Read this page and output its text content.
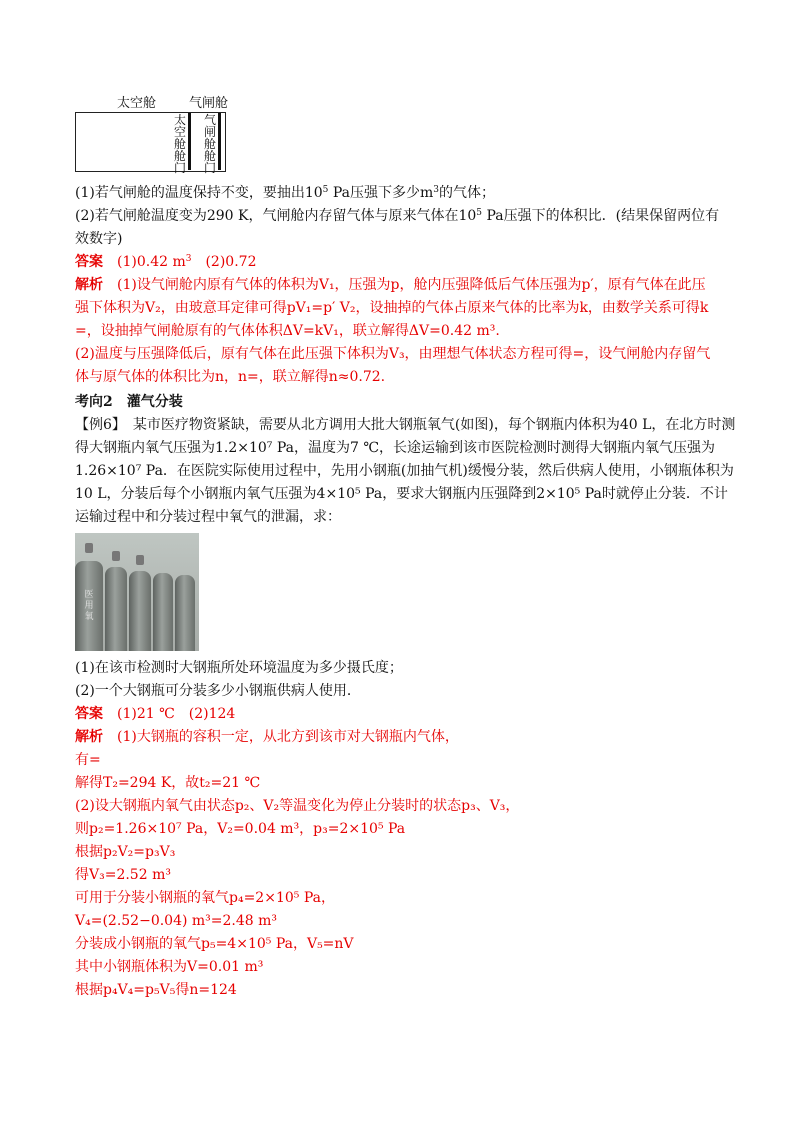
太空舱	气闸舱
太
空
舱
舱
门
气
闸
舱
舱
门
(1)若气闸舱的温度保持不变，要抽出$10^5$ Pa压强下多少$m^3$的气体；
(2)若气闸舱温度变为290 K，气闸舱内存留气体与原来气体在$10^5$ Pa压强下的体积比．(结果保留两位有
效数字)
答案　(1)0.42 $m^3$　(2)0.72
解析　(1)设气闸舱内原有气体的体积为V₁，压强为p，舱内压强降低后气体压强为p′，原有气体在此压
强下体积为V₂，由玻意耳定律可得pV₁=p′ V₂，设抽掉的气体占原来气体的比率为k，由数学关系可得k
=，设抽掉气闸舱原有的气体体积ΔV=kV₁，联立解得ΔV=0.42 m³.
(2)温度与压强降低后，原有气体在此压强下体积为V₃，由理想气体状态方程可得=，设气闸舱内存留气
体与原气体的体积比为n，n=，联立解得n≈0.72.
考向2　灌气分装
【例6】　某市医疗物资紧缺，需要从北方调用大批大钢瓶氧气(如图)，每个钢瓶内体积为40 L，在北方时测
得大钢瓶内氧气压强为1.2×10⁷ Pa，温度为7 ℃，长途运输到该市医院检测时测得大钢瓶内氧气压强为
1.26×10⁷ Pa．在医院实际使用过程中，先用小钢瓶(加抽气机)缓慢分装，然后供病人使用，小钢瓶体积为
10 L，分装后每个小钢瓶内氧气压强为4×10⁵ Pa，要求大钢瓶内压强降到2×10⁵ Pa时就停止分装．不计
运输过程中和分装过程中氧气的泄漏，求：
医
用
氧
(1)在该市检测时大钢瓶所处环境温度为多少摄氏度；
(2)一个大钢瓶可分装多少小钢瓶供病人使用．
答案　(1)21 ℃　(2)124
解析　(1)大钢瓶的容积一定，从北方到该市对大钢瓶内气体，
有=
解得T₂=294 K，故t₂=21 ℃
(2)设大钢瓶内氧气由状态p₂、V₂等温变化为停止分装时的状态p₃、V₃，
则p₂=1.26×10⁷ Pa，V₂=0.04 m³，p₃=2×10⁵ Pa
根据p₂V₂=p₃V₃
得V₃=2.52 m³
可用于分装小钢瓶的氧气p₄=2×10⁵ Pa，
V₄=(2.52−0.04) m³=2.48 m³
分装成小钢瓶的氧气p₅=4×10⁵ Pa，V₅=nV
其中小钢瓶体积为V=0.01 m³
根据p₄V₄=p₅V₅得n=124
